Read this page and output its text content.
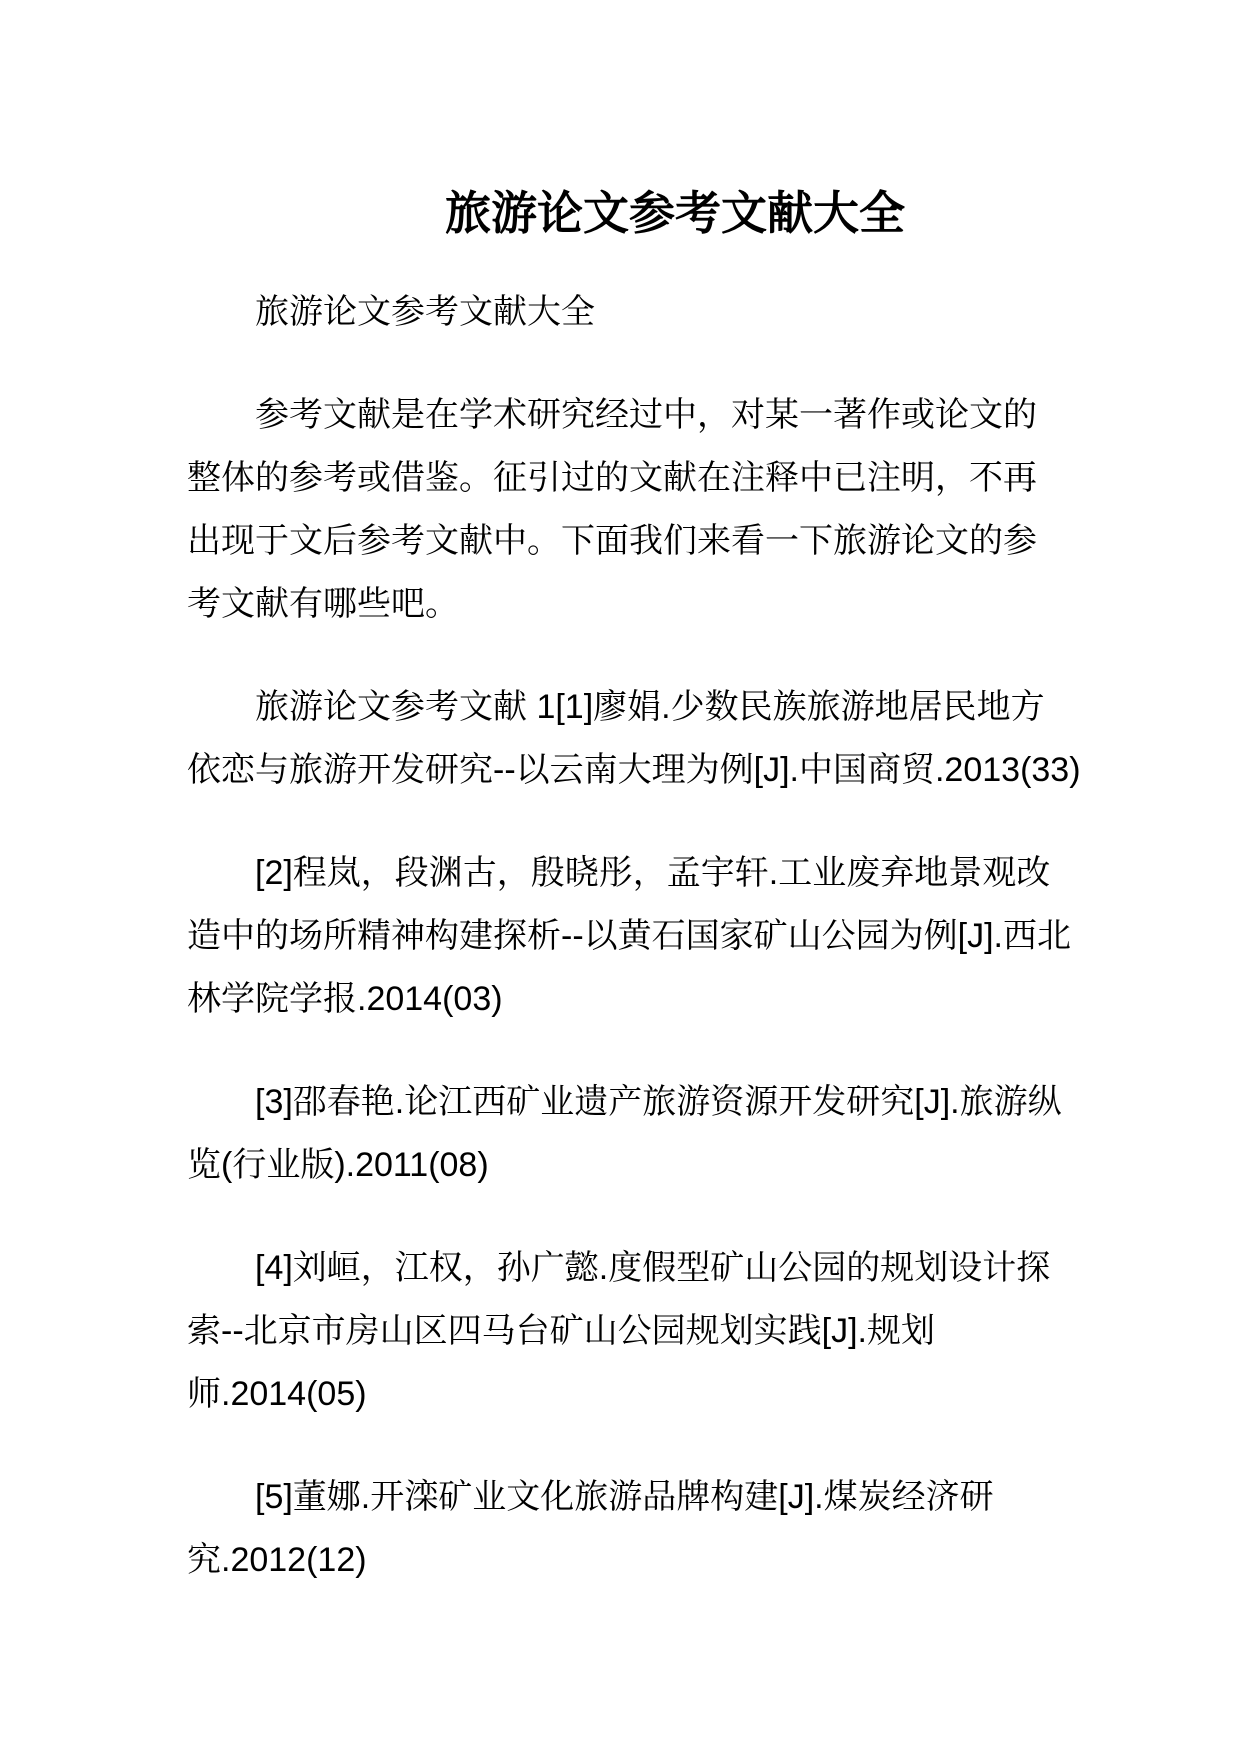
旅游论文参考文献大全
旅游论文参考文献大全
参考文献是在学术研究经过中，对某一著作或论文的
整体的参考或借鉴。征引过的文献在注释中已注明，不再
出现于文后参考文献中。下面我们来看一下旅游论文的参
考文献有哪些吧。
旅游论文参考文献 1[1]廖娟.少数民族旅游地居民地方
依恋与旅游开发研究--以云南大理为例[J].中国商贸.2013(33)
[2]程岚，段渊古，殷晓彤，孟宇轩.工业废弃地景观改
造中的场所精神构建探析--以黄石国家矿山公园为例[J].西北
林学院学报.2014(03)
[3]邵春艳.论江西矿业遗产旅游资源开发研究[J].旅游纵
览(行业版).2011(08)
[4]刘峘，江权，孙广懿.度假型矿山公园的规划设计探
索--北京市房山区四马台矿山公园规划实践[J].规划
师.2014(05)
[5]董娜.开滦矿业文化旅游品牌构建[J].煤炭经济研
究.2012(12)
